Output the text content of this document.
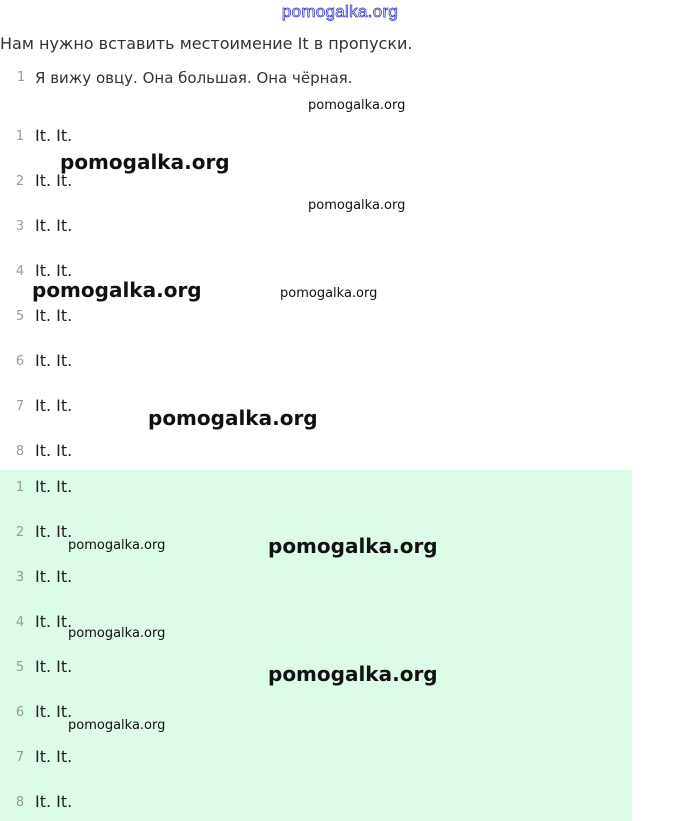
pomogalka.org
Нам нужно вставить местоимение It в пропуски.
1 Я вижу овцу. Она большая. Она чёрная.
1 It. It.
2 It. It.
3 It. It.
4 It. It.
5 It. It.
6 It. It.
7 It. It.
8 It. It.
1 It. It.
2 It. It.
3 It. It.
4 It. It.
5 It. It.
6 It. It.
7 It. It.
8 It. It.
pomogalka.org
pomogalka.org
pomogalka.org
pomogalka.org	pomogalka.org
pomogalka.org
pomogalka.org	pomogalka.org
pomogalka.org
pomogalka.org
pomogalka.org
